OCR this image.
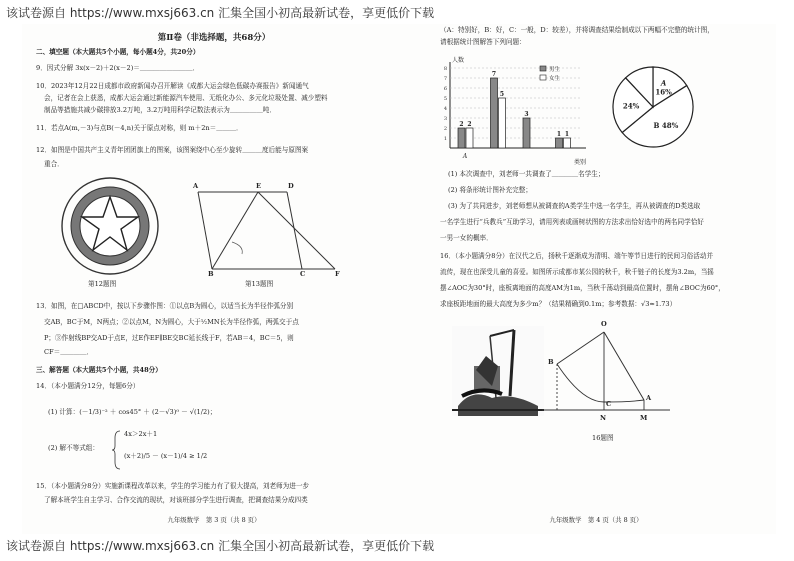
该试卷源自 https://www.mxsj663.cn 汇集全国小初高最新试卷，享更低价下载
第Ⅱ卷（非选择题，共68分）
二、填空题（本大题共5个小题，每小题4分，共20分）
9．因式分解 3x(x－2)＋2(x－2)＝＿＿＿＿＿＿＿＿．
10．2023年12月22日成都市政府新闻办召开解读《成都大运会绿色低碳办赛报告》新闻通气
会，记者在会上获悉，成都大运会通过新能源汽车使用、无纸化办公、多元化垃圾处置、减少塑料
制品等措施共减少碳排放3.2万吨，3.2万吨用科学记数法表示为＿＿＿＿＿吨．
11．若点A(m,－3)与点B(－4,n)关于原点对称，则 m＋2n＝＿＿＿．
12．如图是中国共产主义青年团团旗上的图案，该图案绕中心至少旋转＿＿＿度后能与原图案
重合．
第12题图
A	E	D
B	C	F
第13题图
13．如图，在□ABCD中，按以下步骤作图：①以点B为圆心，以适当长为半径作弧分别
交AB，BC于M，N两点；②以点M，N为圆心，大于½MN长为半径作弧，两弧交于点
P；③作射线BP交AD于点E，过E作EF∥BE交BC延长线于F，若AB＝4，BC＝5，则
CF＝＿＿＿＿．
三、解答题（本大题共5个小题，共48分）
14．（本小题满分12分，每题6分）
(1) 计算：(－1/3)⁻² ＋ cos45° ＋ (2－√3)⁰ － √(1/2)；
(2) 解不等式组：
4x＞2x＋1
(x＋2)/5 － (x－1)/4 ≥ 1/2
15．（本小题满分8分）实施新课程改革以来，学生的学习能力有了很大提高，刘老师为进一步
了解本班学生自主学习、合作交流的现状，对该班部分学生进行调查，把调查结果分成四类
九年级数学　第 3 页（共 8 页）
（A：特别好，B：好，C：一般，D：较差），并将调查结果绘制成以下两幅不完整的统计图，
请根据统计图解答下列问题：
1
2
3
4
5
6
7
8
人数
类别
2 2
A
7
5
3
1 1
男生
女生	A
16%
B 48%
24%
(1) 本次调查中，刘老师一共调查了＿＿＿＿名学生；
(2) 将条形统计图补充完整；
(3) 为了共同进步，刘老师想从被调查的A类学生中选一名学生，再从被调查的D类选取
一名学生进行“兵教兵”互助学习，请用列表或画树状图的方法求出恰好选中的两名同学恰好
一男一女的概率．
16．（本小题满分8分）在汉代之后，扬秋千逐渐成为清明、端午等节日进行的民间习俗活动并
流传，现在也深受儿童的喜爱。如图所示成都市某公园的秋千，秋千链子的长度为3.2m，当摇
摆∠AOC为30°时，座板离地面的高度AM为1m，当秋千荡动到最高位置时，摆角∠BOC为60°，
求座板距地面的最大高度为多少m？（结果精确到0.1m；参考数据：√3≈1.73）
O
B
A
C
N	M
16题图
九年级数学　第 4 页（共 8 页）
该试卷源自 https://www.mxsj663.cn 汇集全国小初高最新试卷，享更低价下载
